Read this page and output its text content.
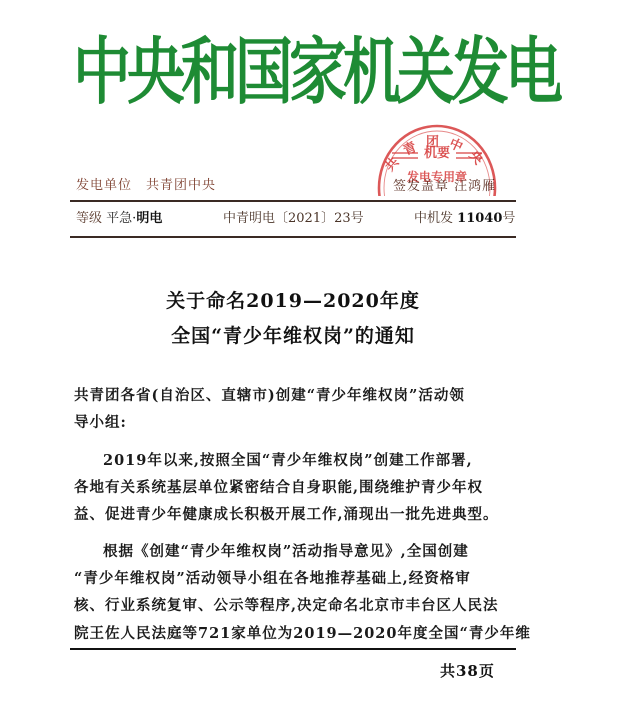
中央和国家机关发电
共青团中央
机要
发电专用章
发电单位 共青团中央	签发盖章 汪鸿雁
等级 平急·明电	中青明电〔2021〕23号	中机发 11040号
关于命名2019—2020年度
全国“青少年维权岗”的通知
共青团各省(自治区、直辖市)创建“青少年维权岗”活动领
导小组:
2019年以来,按照全国“青少年维权岗”创建工作部署,
各地有关系统基层单位紧密结合自身职能,围绕维护青少年权
益、促进青少年健康成长积极开展工作,涌现出一批先进典型。
根据《创建“青少年维权岗”活动指导意见》,全国创建
“青少年维权岗”活动领导小组在各地推荐基础上,经资格审
核、行业系统复审、公示等程序,决定命名北京市丰台区人民法
院王佐人民法庭等721家单位为2019—2020年度全国“青少年维
共38页
